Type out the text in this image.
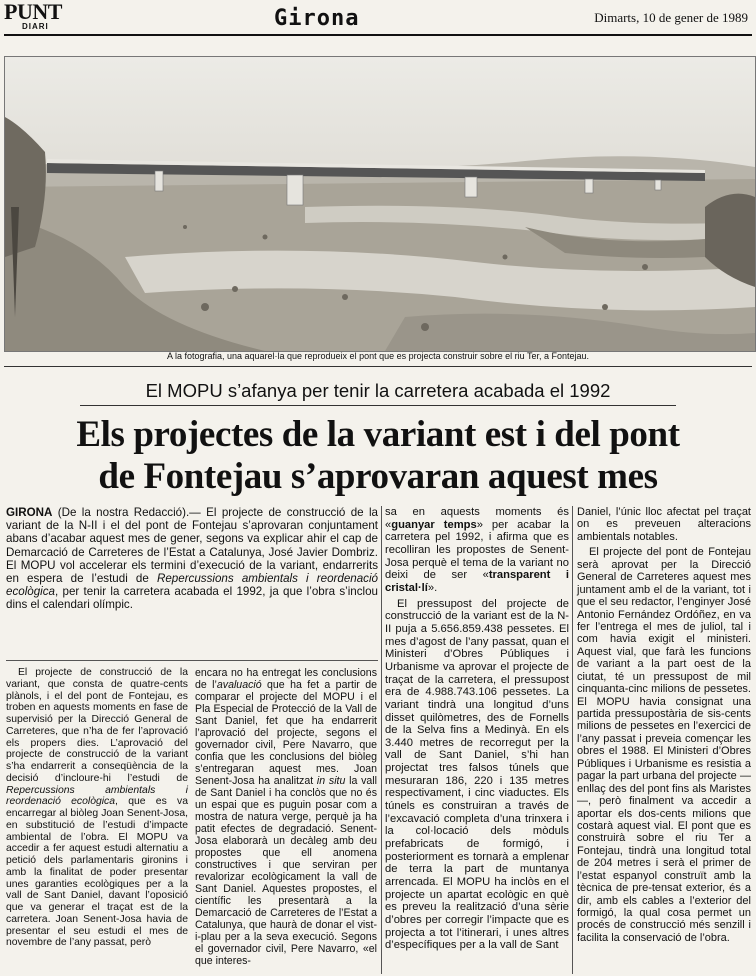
PUNT
DIARI	Girona	Dimarts, 10 de gener de 1989
A la fotografia, una aquarel·la que reprodueix el pont que es projecta construir sobre el riu Ter, a Fontejau.
El MOPU s’afanya per tenir la carretera acabada el 1992
Els projectes de la variant est i del pont
de Fontejau s’aprovaran aquest mes

GIRONA (De la nostra Redacció).— El projecte de construcció de la variant de la N-II i el del pont de Fontejau s’aprovaran conjuntament abans d’acabar aquest mes de gener, segons va explicar ahir el cap de Demarcació de Carreteres de l’Estat a Catalunya, José Javier Dombriz. El MOPU vol accelerar els termini d’execució de la variant, endarrerits en espera de l’estudi de Repercussions ambientals i reordenació ecològica, per tenir la carretera acabada el 1992, ja que l’obra s’inclou dins el calendari olímpic.

El projecte de construcció de la variant, que consta de quatre-cents plànols, i el del pont de Fontejau, es troben en aquests moments en fase de supervisió per la Direcció General de Carreteres, que n’ha de fer l’aprovació els propers dies. L’aprovació del projecte de construcció de la variant s’ha endarrerit a conseqüència de la decisió d’incloure-hi l’estudi de Repercussions ambientals i reordenació ecològica, que es va encarregar al biòleg Joan Senent-Josa, en substitució de l’estudi d’impacte ambiental de l’obra. El MOPU va accedir a fer aquest estudi alternatiu a petició dels parlamentaris gironins i amb la finalitat de poder presentar unes garanties ecològiques per a la vall de Sant Daniel, davant l’oposició que va generar el traçat est de la carretera. Joan Senent-Josa havia de presentar el seu estudi el mes de novembre de l’any passat, però

encara no ha entregat les conclusions de l’avaluació que ha fet a partir de comparar el projecte del MOPU i el Pla Especial de Protecció de la Vall de Sant Daniel, fet que ha endarrerit l’aprovació del projecte, segons el governador civil, Pere Navarro, que confia que les conclusions del biòleg s’entregaran aquest mes. Joan Senent-Josa ha analitzat in situ la vall de Sant Daniel i ha conclòs que no és un espai que es puguin posar com a mostra de natura verge, perquè ja ha patit efectes de degradació. Senent-Josa elaborarà un decàleg amb deu propostes que ell anomena constructives i que serviran per revalorizar ecològicament la vall de Sant Daniel. Aquestes propostes, el científic les presentarà a la Demarcació de Carreteres de l’Estat a Catalunya, que haurà de donar el vist-i-plau per a la seva execució. Segons el governador civil, Pere Navarro, «el que interes-

sa en aquests moments és «guanyar temps» per acabar la carretera pel 1992, i afirma que es recolliran les propostes de Senent-Josa perquè el tema de la variant no deixi de ser «transparent i cristal·lí».

El pressupost del projecte de construcció de la variant est de la N-II puja a 5.656.859.438 pessetes. El mes d’agost de l’any passat, quan el Ministeri d’Obres Públiques i Urbanisme va aprovar el projecte de traçat de la carretera, el pressupost era de 4.988.743.106 pessetes. La variant tindrà una longitud d’uns disset quilòmetres, des de Fornells de la Selva fins a Medinyà. En els 3.440 metres de recorregut per la vall de Sant Daniel, s’hi han projectat tres falsos túnels que mesuraran 186, 220 i 135 metres respectivament, i cinc viaductes. Els túnels es construiran a través de l’excavació completa d’una trinxera i la col·locació dels mòduls prefabricats de formigó, i posteriorment es tornarà a emplenar de terra la part de muntanya arrencada. El MOPU ha inclòs en el projecte un apartat ecològic en què es preveu la realització d’una sèrie d’obres per corregir l’impacte que es projecta a tot l’itinerari, i unes altres d’específiques per a la vall de Sant

Daniel, l’únic lloc afectat pel traçat on es preveuen alteracions ambientals notables.

El projecte del pont de Fontejau serà aprovat per la Direcció General de Carreteres aquest mes juntament amb el de la variant, tot i que el seu redactor, l’enginyer José Antonio Fernández Ordóñez, en va fer l’entrega el mes de juliol, tal i com havia exigit el ministeri. Aquest vial, que farà les funcions de variant a la part oest de la ciutat, té un pressupost de mil cinquanta-cinc milions de pessetes. El MOPU havia consignat una partida pressupostària de sis-cents milions de pessetes en l’exercici de l’any passat i preveia començar les obres el 1988. El Ministeri d’Obres Públiques i Urbanisme es resistia a pagar la part urbana del projecte —enllaç des del pont fins als Maristes—, però finalment va accedir a aportar els dos-cents milions que costarà aquest vial. El pont que es construirà sobre el riu Ter a Fontejau, tindrà una longitud total de 204 metres i serà el primer de l’estat espanyol construït amb la tècnica de pre-tensat exterior, és a dir, amb els cables a l’exterior del formigó, la qual cosa permet un procés de construcció més senzill i facilita la conservació de l’obra.
